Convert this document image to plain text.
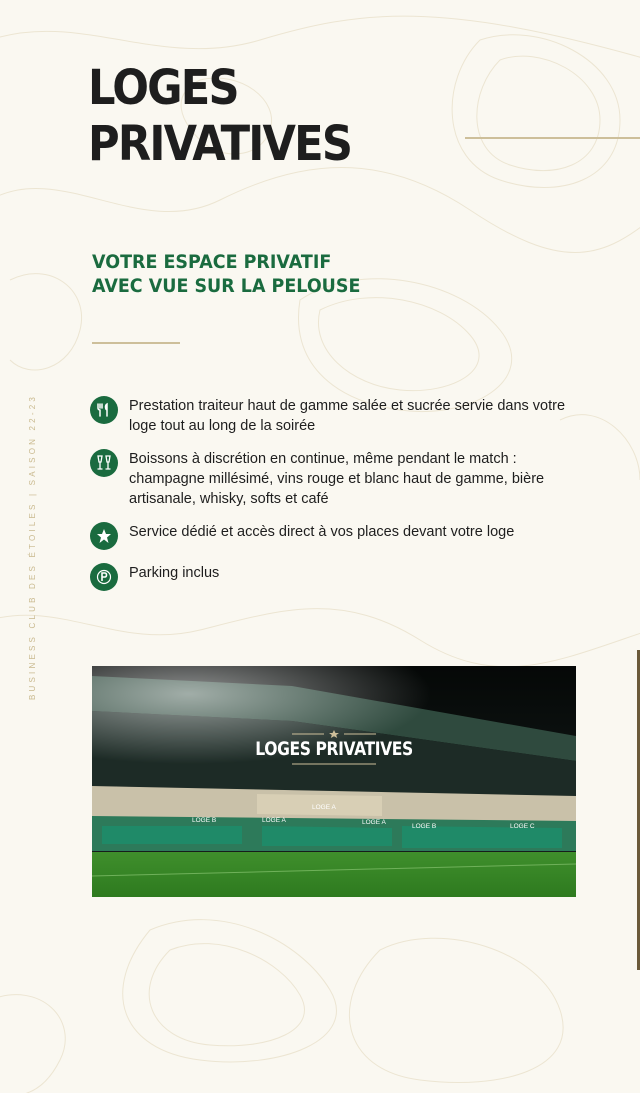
LOGES
PRIVATIVES
VOTRE ESPACE PRIVATIF
AVEC VUE SUR LA PELOUSE
BUSINESS CLUB DES ÉTOILES | SAISON 22-23	Prestation traiteur haut de gamme salée et sucrée servie dans votre loge tout au long de la soirée
Boissons à discrétion en continue, même pendant le match : champagne millésimé, vins rouge et blanc haut de gamme, bière artisanale, whisky, softs et café
Service dédié et accès direct à vos places devant votre loge
Parking inclus
LOGE A
LOGE B	LOGE A	LOGE A
LOGE B	LOGE C
LOGES PRIVATIVES
